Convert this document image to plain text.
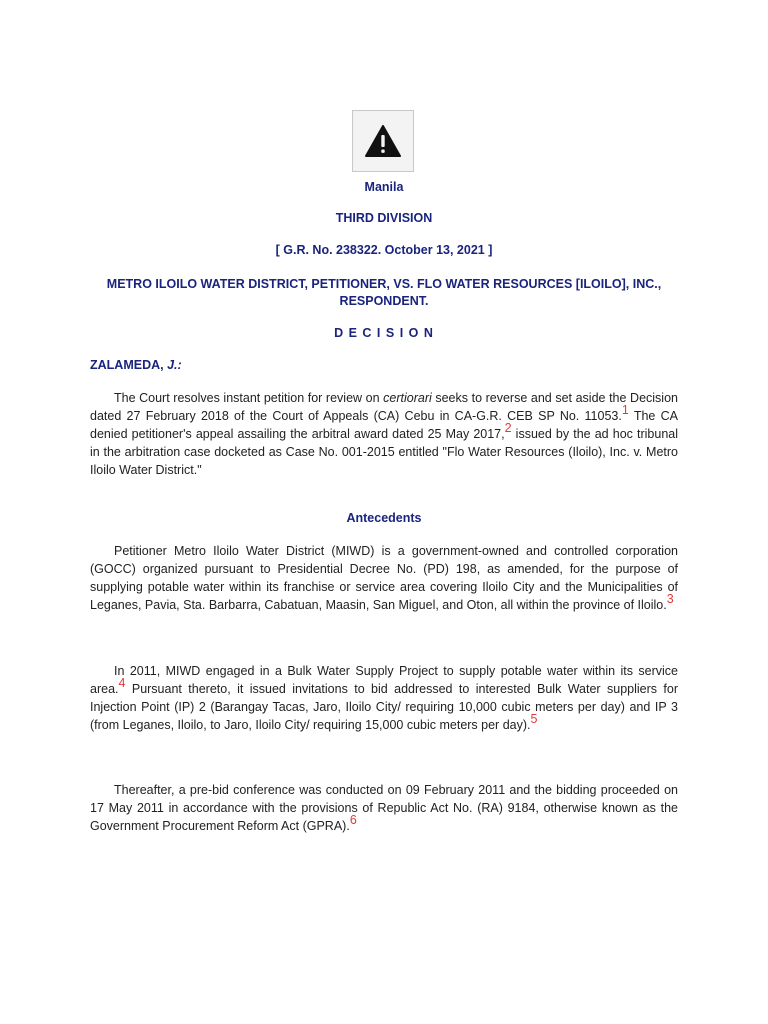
Manila
THIRD DIVISION
[ G.R. No. 238322. October 13, 2021 ]
METRO ILOILO WATER DISTRICT, PETITIONER, VS. FLO WATER RESOURCES [ILOILO], INC.,
RESPONDENT.
D E C I S I O N
ZALAMEDA, J.:
The Court resolves instant petition for review on certiorari seeks to reverse and set aside the Decision dated 27 February 2018 of the Court of Appeals (CA) Cebu in CA-G.R. CEB SP No. 11053.$^1$ The CA denied petitioner's appeal assailing the arbitral award dated 25 May 2017,$^2$ issued by the ad hoc tribunal in the arbitration case docketed as Case No. 001-2015 entitled "Flo Water Resources (Iloilo), Inc. v. Metro Iloilo Water District."
Antecedents
Petitioner Metro Iloilo Water District (MIWD) is a government-owned and controlled corporation (GOCC) organized pursuant to Presidential Decree No. (PD) 198, as amended, for the purpose of supplying potable water within its franchise or service area covering Iloilo City and the Municipalities of Leganes, Pavia, Sta. Barbarra, Cabatuan, Maasin, San Miguel, and Oton, all within the province of Iloilo.$^3$
In 2011, MIWD engaged in a Bulk Water Supply Project to supply potable water within its service area.$^4$ Pursuant thereto, it issued invitations to bid addressed to interested Bulk Water suppliers for Injection Point (IP) 2 (Barangay Tacas, Jaro, Iloilo City/ requiring 10,000 cubic meters per day) and IP 3 (from Leganes, Iloilo, to Jaro, Iloilo City/ requiring 15,000 cubic meters per day).$^5$
Thereafter, a pre-bid conference was conducted on 09 February 2011 and the bidding proceeded on 17 May 2011 in accordance with the provisions of Republic Act No. (RA) 9184, otherwise known as the Government Procurement Reform Act (GPRA).$^6$
